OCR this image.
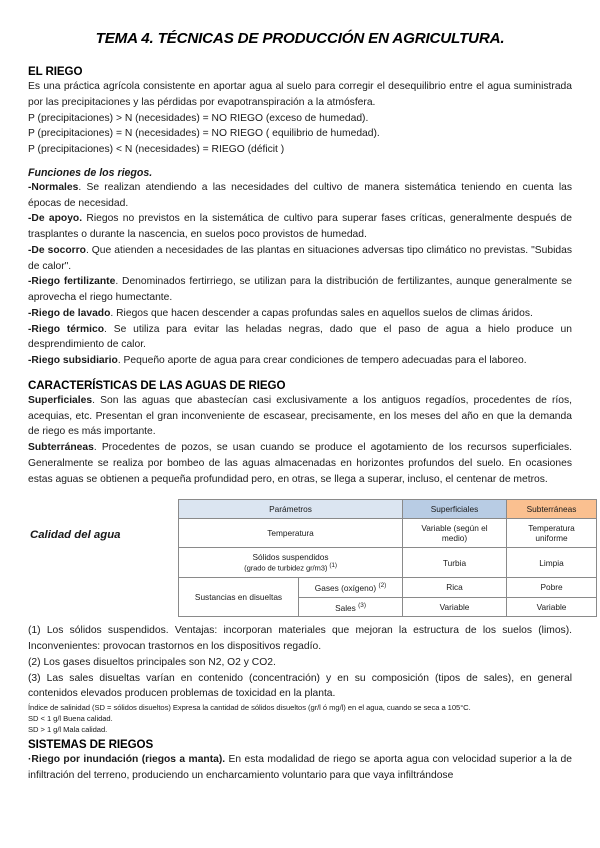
TEMA 4. TÉCNICAS DE PRODUCCIÓN EN AGRICULTURA.
EL RIEGO

Es una práctica agrícola consistente en aportar agua al suelo para corregir el desequilibrio entre el agua suministrada por las precipitaciones y las pérdidas por evapotranspiración a la atmósfera.

P (precipitaciones) > N (necesidades) = NO RIEGO (exceso de humedad).

P (precipitaciones) = N (necesidades) = NO RIEGO ( equilibrio de humedad).

P (precipitaciones) < N (necesidades) = RIEGO (déficit )

Funciones de los riegos.

-Normales. Se realizan atendiendo a las necesidades del cultivo de manera sistemática teniendo en cuenta las épocas de necesidad.

-De apoyo. Riegos no previstos en la sistemática de cultivo para superar fases críticas, generalmente después de trasplantes o durante la nascencia, en suelos poco provistos de humedad.

-De socorro. Que atienden a necesidades de las plantas en situaciones adversas tipo climático no previstas. "Subidas de calor".

-Riego fertilizante. Denominados fertirriego, se utilizan para la distribución de fertilizantes, aunque generalmente se aprovecha el riego humectante.

-Riego de lavado. Riegos que hacen descender a capas profundas sales en aquellos suelos de climas áridos.

-Riego térmico. Se utiliza para evitar las heladas negras, dado que el paso de agua a hielo produce un desprendimiento de calor.

-Riego subsidiario. Pequeño aporte de agua para crear condiciones de tempero adecuadas para el laboreo.

CARACTERÍSTICAS DE LAS AGUAS DE RIEGO

Superficiales. Son las aguas que abastecían casi exclusivamente a los antiguos regadíos, procedentes de ríos, acequias, etc. Presentan el gran inconveniente de escasear, precisamente, en los meses del año en que la demanda de riego es más importante.

Subterráneas. Procedentes de pozos, se usan cuando se produce el agotamiento de los recursos superficiales. Generalmente se realiza por bombeo de las aguas almacenadas en horizontes profundos del suelo. En ocasiones estas aguas se obtienen a pequeña profundidad pero, en otras, se llega a superar, incluso, el centenar de metros.

Calidad del agua
Parámetros		Superficiales	Subterráneas
Temperatura		Variable (según el medio)	Temperatura uniforme
Sólidos suspendidos
(grado de turbidez gr/m3) $^{(1)}$		Turbia	Limpia
Sustancias en disueltas	Gases (oxígeno) $^{(2)}$	Rica	Pobre
	Sales $^{(3)}$	Variable	Variable

(1) Los sólidos suspendidos. Ventajas: incorporan materiales que mejoran la estructura de los suelos (limos). Inconvenientes: provocan trastornos en los dispositivos regadío.

(2) Los gases disueltos principales son N2, O2 y CO2.

(3) Las sales disueltas varían en contenido (concentración) y en su composición (tipos de sales), en general contenidos elevados producen problemas de toxicidad en la planta.

Índice de salinidad (SD = sólidos disueltos) Expresa la cantidad de sólidos disueltos (gr/l ó mg/l) en el agua, cuando se seca a 105°C.

SD < 1 g/l Buena calidad.

SD > 1 g/l Mala calidad.

SISTEMAS DE RIEGOS

·Riego por inundación (riegos a manta). En esta modalidad de riego se aporta agua con velocidad superior a la de infiltración del terreno, produciendo un encharcamiento voluntario para que vaya infiltrándose
